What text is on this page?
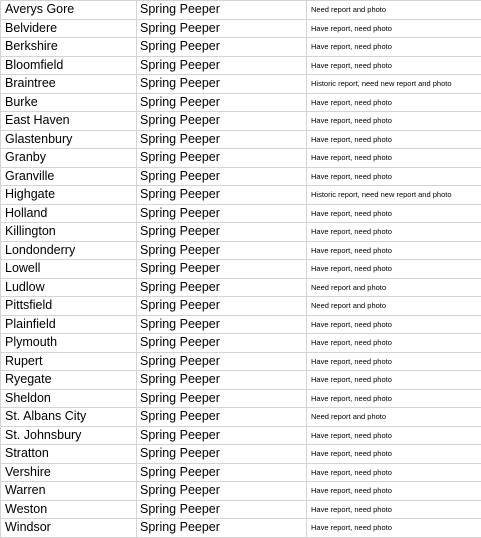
Averys Gore	Spring Peeper	Need report and photo
Belvidere	Spring Peeper	Have report, need photo
Berkshire	Spring Peeper	Have report, need photo
Bloomfield	Spring Peeper	Have report, need photo
Braintree	Spring Peeper	Historic report, need new report and photo
Burke	Spring Peeper	Have report, need photo
East Haven	Spring Peeper	Have report, need photo
Glastenbury	Spring Peeper	Have report, need photo
Granby	Spring Peeper	Have report, need photo
Granville	Spring Peeper	Have report, need photo
Highgate	Spring Peeper	Historic report, need new report and photo
Holland	Spring Peeper	Have report, need photo
Killington	Spring Peeper	Have report, need photo
Londonderry	Spring Peeper	Have report, need photo
Lowell	Spring Peeper	Have report, need photo
Ludlow	Spring Peeper	Need report and photo
Pittsfield	Spring Peeper	Need report and photo
Plainfield	Spring Peeper	Have report, need photo
Plymouth	Spring Peeper	Have report, need photo
Rupert	Spring Peeper	Have report, need photo
Ryegate	Spring Peeper	Have report, need photo
Sheldon	Spring Peeper	Have report, need photo
St. Albans City	Spring Peeper	Need report and photo
St. Johnsbury	Spring Peeper	Have report, need photo
Stratton	Spring Peeper	Have report, need photo
Vershire	Spring Peeper	Have report, need photo
Warren	Spring Peeper	Have report, need photo
Weston	Spring Peeper	Have report, need photo
Windsor	Spring Peeper	Have report, need photo
